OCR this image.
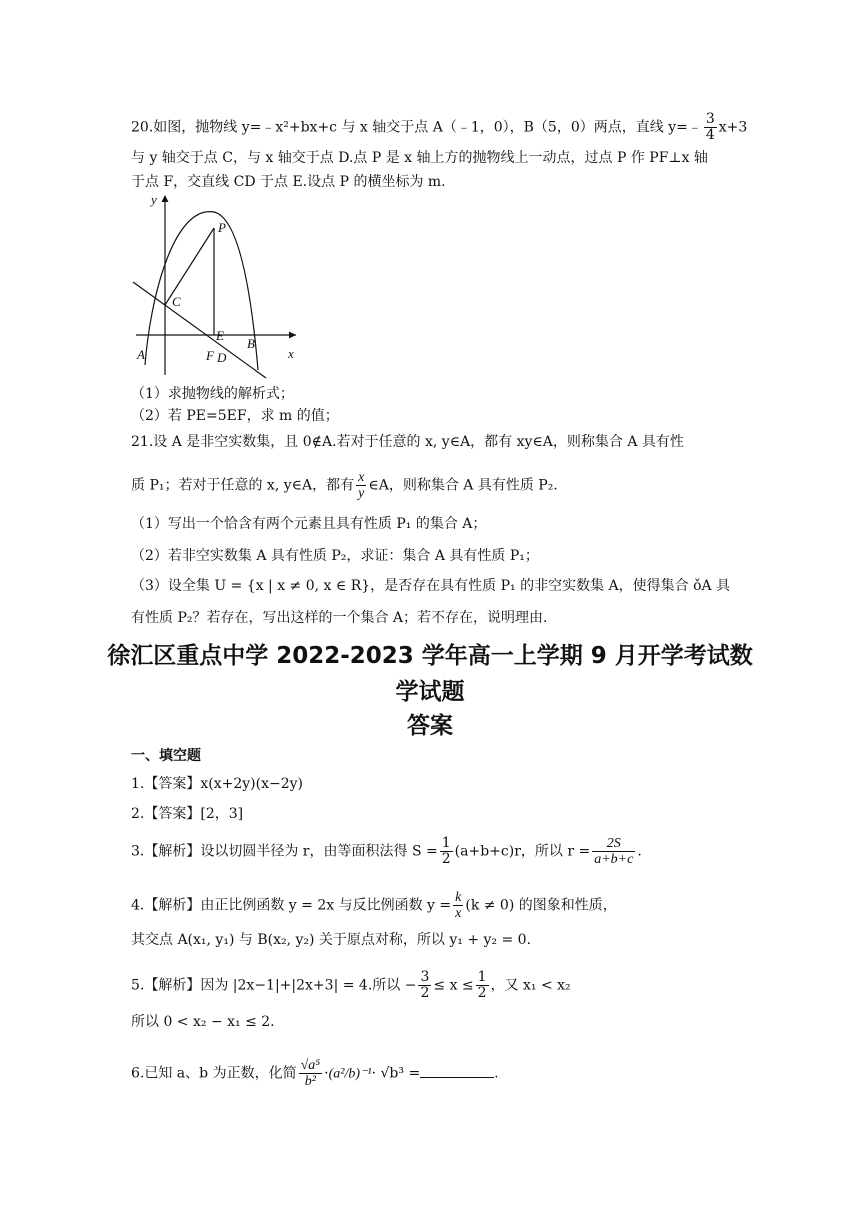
20.如图，抛物线 y=﹣x²+bx+c 与 x 轴交于点 A（﹣1，0），B（5，0）两点，直线 y=﹣ $\frac{3}{4} x+3$
与 y 轴交于点 C，与 x 轴交于点 D.点 P 是 x 轴上方的抛物线上一动点，过点 P 作 PF⊥x 轴
于点 F，交直线 CD 于点 E.设点 P 的横坐标为 m.
y
x
P
C
E
B
A	F D
（1）求抛物线的解析式；
（2）若 PE=5EF，求 m 的值；
21.设 A 是非空实数集，且 0∉A.若对于任意的 x, y∈A，都有 xy∈A，则称集合 A 具有性
质 P₁；若对于任意的 x, y∈A，都有 $\frac{x}{y}$ ∈A，则称集合 A 具有性质 P₂.
（1）写出一个恰含有两个元素且具有性质 P₁ 的集合 A；
（2）若非空实数集 A 具有性质 P₂，求证：集合 A 具有性质 P₁；
（3）设全集 U = {x | x ≠ 0, x ∈ R}，是否存在具有性质 P₁ 的非空实数集 A，使得集合 ǒA 具
有性质 P₂？若存在，写出这样的一个集合 A；若不存在，说明理由.
徐汇区重点中学 2022-2023 学年高一上学期 9 月开学考试数
学试题
答案
一、填空题
1.【答案】x(x+2y)(x−2y)
2.【答案】[2，3]
3.【解析】设以切圆半径为 r，由等面积法得 $S = \frac{1}{2} (a+b+c)r$，所以 $r = \frac{2S}{a+b+c}$ .
4.【解析】由正比例函数 y = 2x 与反比例函数 $y = \frac{k}{x} (k \ne 0)$ 的图象和性质，
其交点 A(x₁, y₁) 与 B(x₂, y₂) 关于原点对称，所以 y₁ + y₂ = 0.
5.【解析】因为 |2x−1|+|2x+3| = 4.所以 − $\frac{3}{2} \le x \le \frac{1}{2}$ ，又 x₁ < x₂
所以 0 < x₂ − x₁ ≤ 2.
6.已知 a、b 为正数，化简 $\frac{\text{√a⁵}}{\text{b²}} \cdot(a^2/b)^{-1}\cdot √b^3$ =	.
